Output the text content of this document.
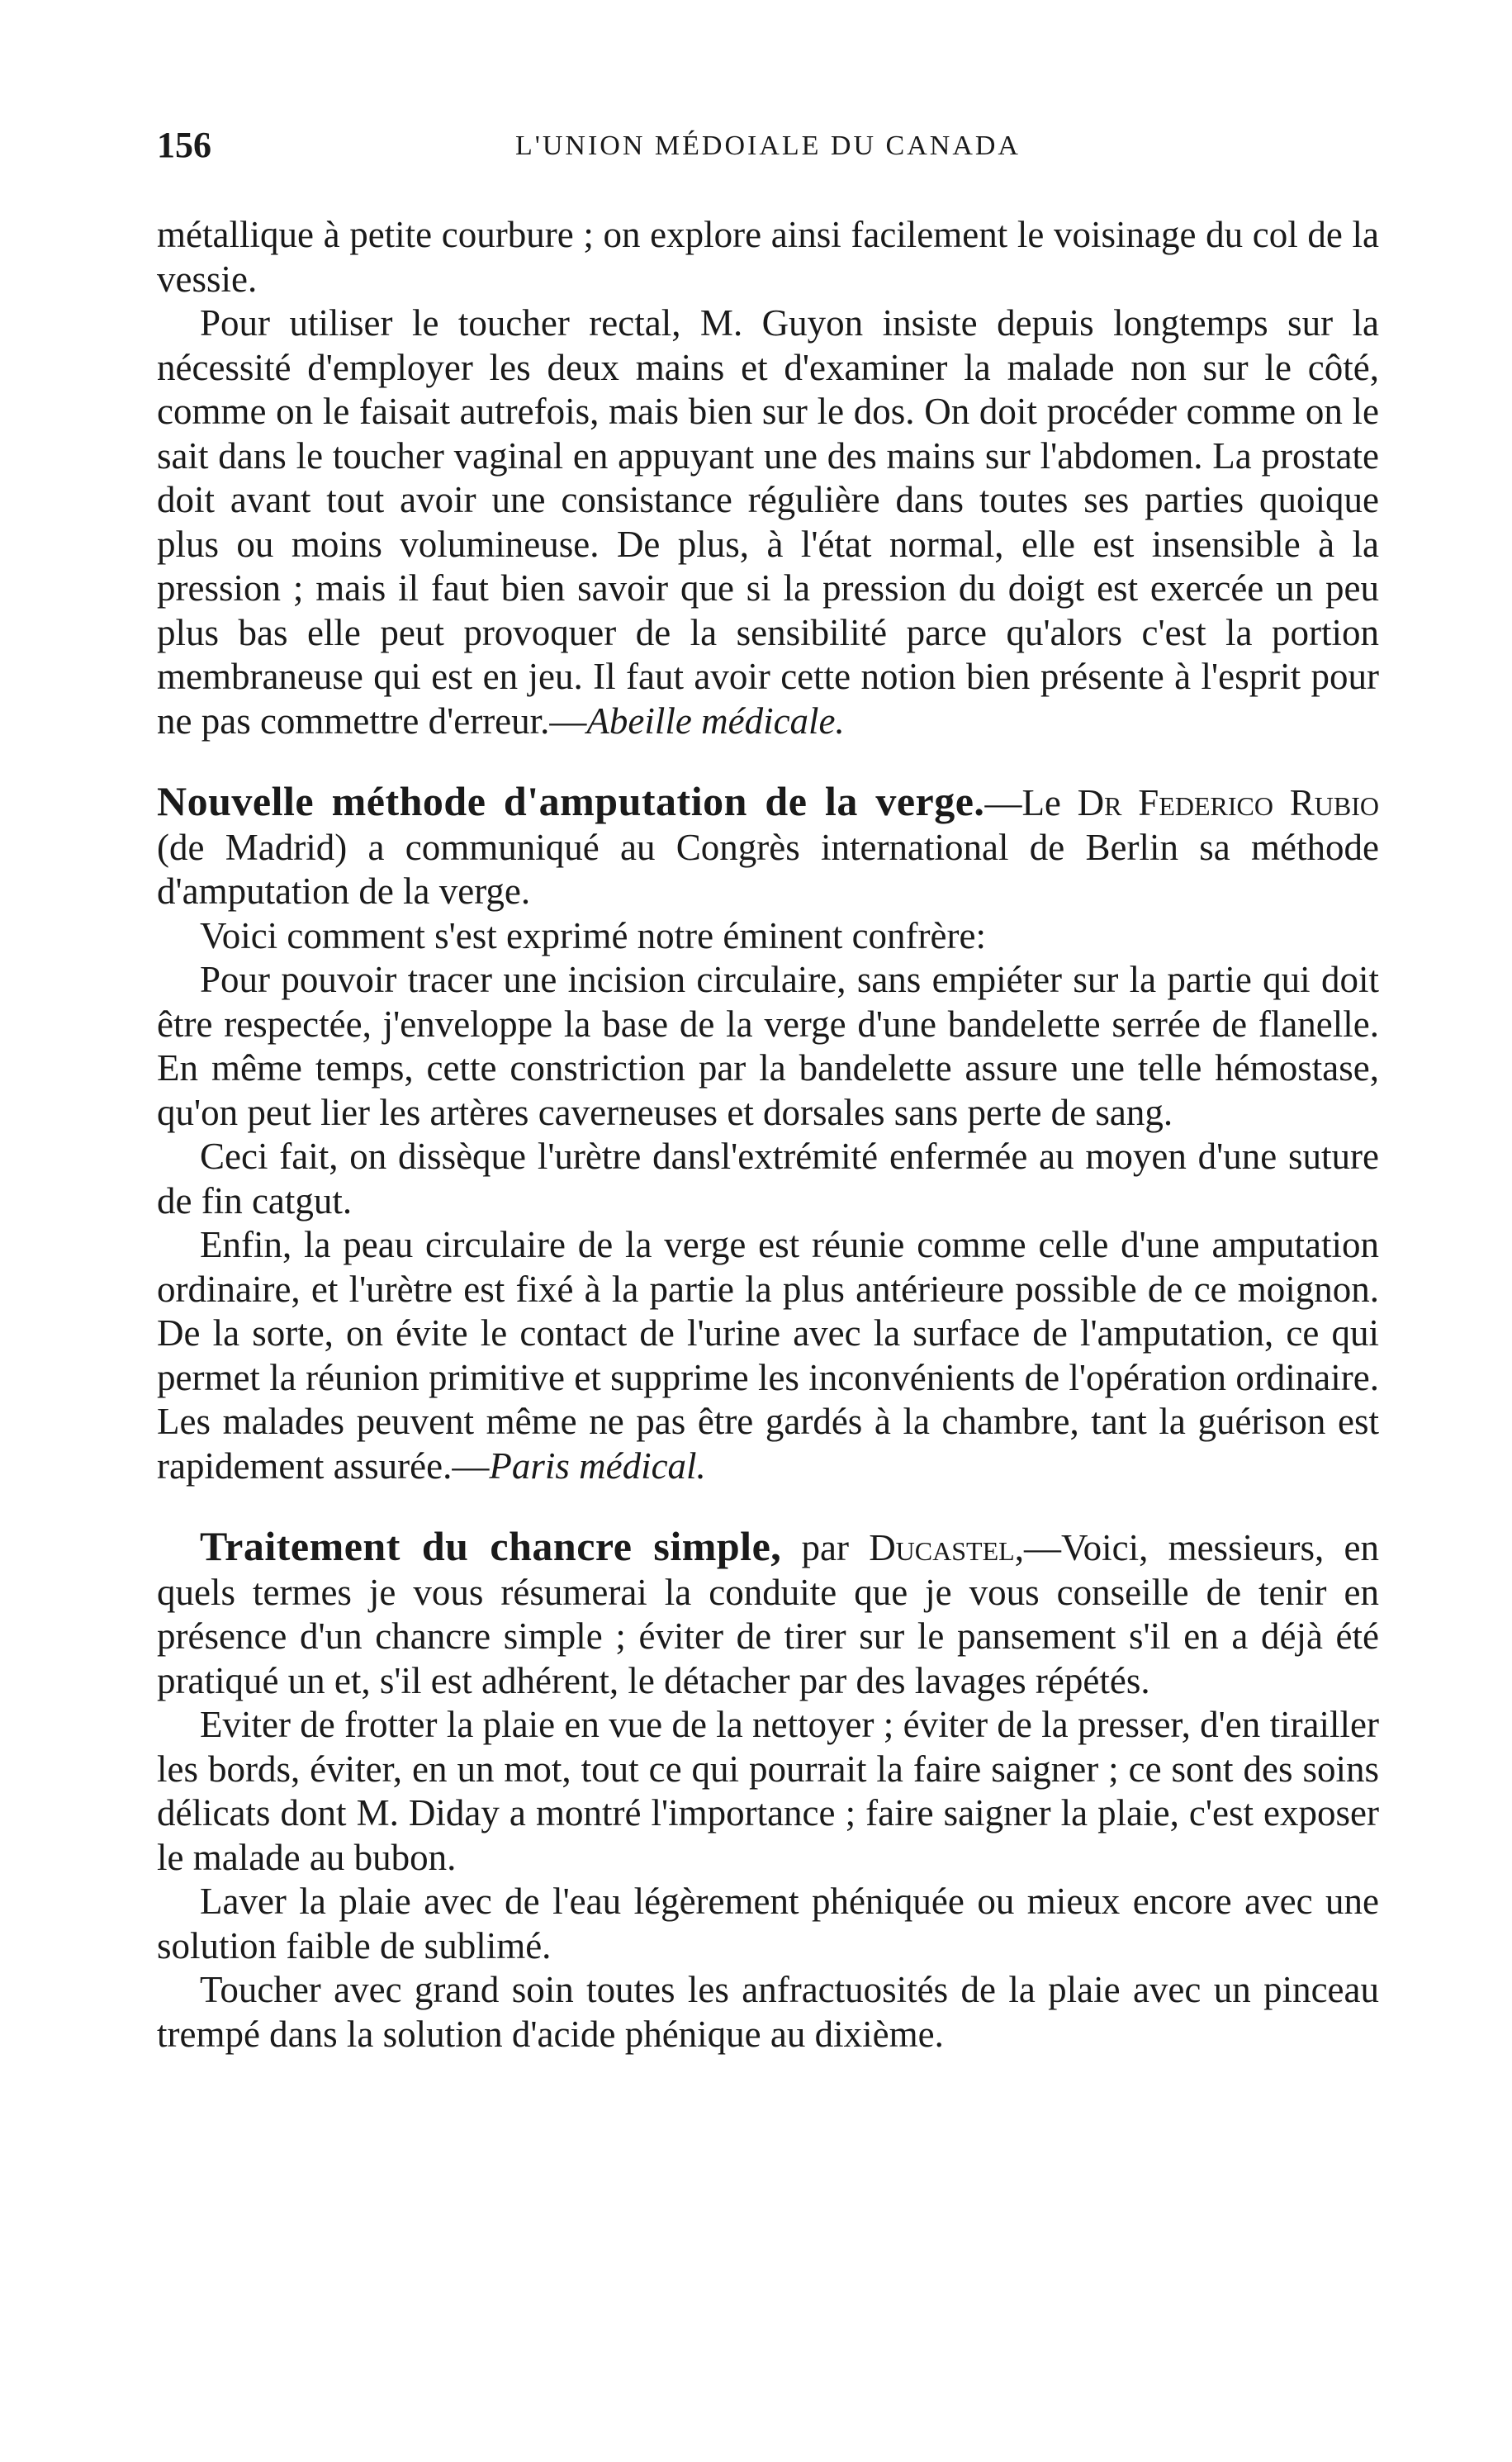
156	L'UNION MÉDOIALE DU CANADA

métallique à petite courbure ; on explore ainsi facilement le voisinage du col de la vessie.

Pour utiliser le toucher rectal, M. Guyon insiste depuis longtemps sur la nécessité d'employer les deux mains et d'examiner la malade non sur le côté, comme on le faisait autrefois, mais bien sur le dos. On doit procéder comme on le sait dans le toucher vaginal en appuyant une des mains sur l'abdomen. La prostate doit avant tout avoir une consistance régulière dans toutes ses parties quoique plus ou moins volumineuse. De plus, à l'état normal, elle est insensible à la pression ; mais il faut bien savoir que si la pression du doigt est exercée un peu plus bas elle peut provoquer de la sensibilité parce qu'alors c'est la portion membraneuse qui est en jeu. Il faut avoir cette notion bien présente à l'esprit pour ne pas commettre d'erreur.—Abeille médicale.

Nouvelle méthode d'amputation de la verge.—Le Dr Federico Rubio (de Madrid) a communiqué au Congrès international de Berlin sa méthode d'amputation de la verge.

Voici comment s'est exprimé notre éminent confrère:

Pour pouvoir tracer une incision circulaire, sans empiéter sur la partie qui doit être respectée, j'enveloppe la base de la verge d'une bandelette serrée de flanelle. En même temps, cette constriction par la bandelette assure une telle hémostase, qu'on peut lier les artères caverneuses et dorsales sans perte de sang.

Ceci fait, on dissèque l'urètre dansl'extrémité enfermée au moyen d'une suture de fin catgut.

Enfin, la peau circulaire de la verge est réunie comme celle d'une amputation ordinaire, et l'urètre est fixé à la partie la plus antérieure possible de ce moignon. De la sorte, on évite le contact de l'urine avec la surface de l'amputation, ce qui permet la réunion primitive et supprime les inconvénients de l'opération ordinaire. Les malades peuvent même ne pas être gardés à la chambre, tant la guérison est rapidement assurée.—Paris médical.

Traitement du chancre simple, par Ducastel,—Voici, messieurs, en quels termes je vous résumerai la conduite que je vous conseille de tenir en présence d'un chancre simple ; éviter de tirer sur le pansement s'il en a déjà été pratiqué un et, s'il est adhérent, le détacher par des lavages répétés.

Eviter de frotter la plaie en vue de la nettoyer ; éviter de la presser, d'en tirailler les bords, éviter, en un mot, tout ce qui pourrait la faire saigner ; ce sont des soins délicats dont M. Diday a montré l'importance ; faire saigner la plaie, c'est exposer le malade au bubon.

Laver la plaie avec de l'eau légèrement phéniquée ou mieux encore avec une solution faible de sublimé.

Toucher avec grand soin toutes les anfractuosités de la plaie avec un pinceau trempé dans la solution d'acide phénique au dixième.
